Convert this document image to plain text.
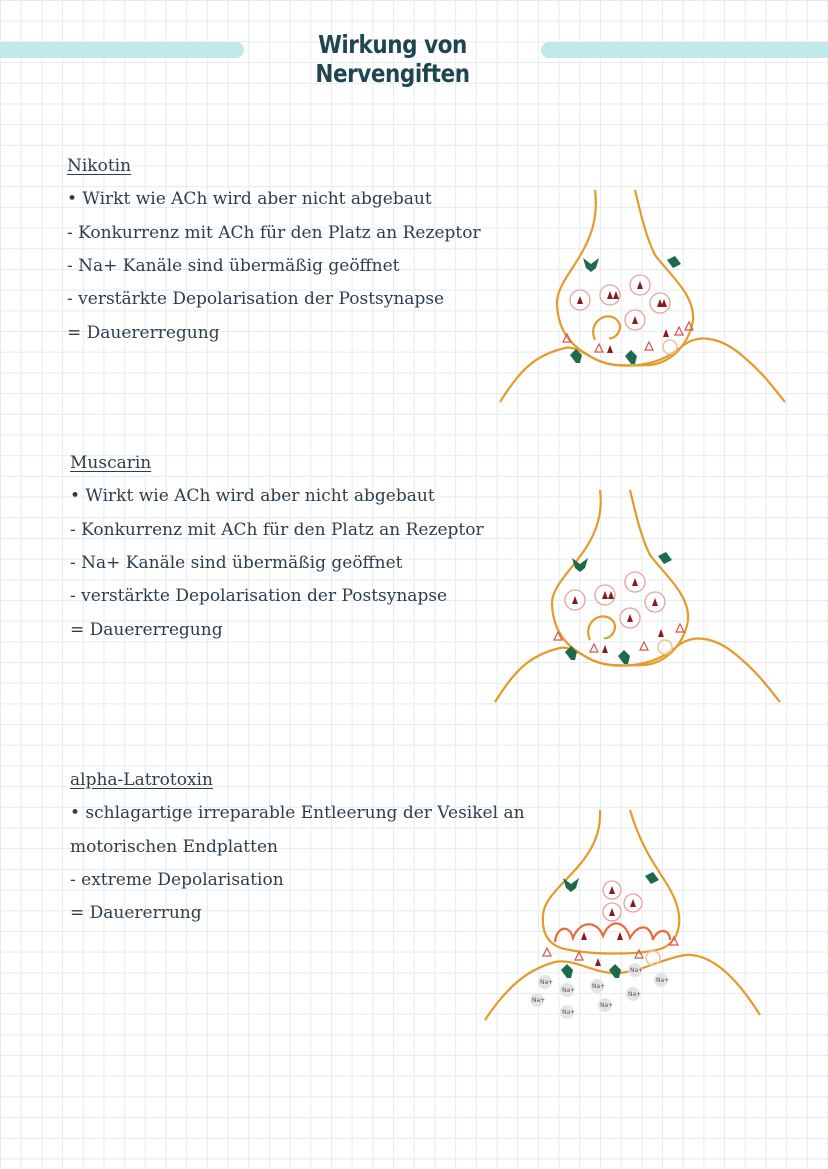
Wirkung von Nervengiften
Nikotin
• Wirkt wie ACh wird aber nicht abgebaut
- Konkurrenz mit ACh für den Platz an Rezeptor
- Na+ Kanäle sind übermäßig geöffnet
- verstärkte Depolarisation der Postsynapse
= Dauererregung
Muscarin
• Wirkt wie ACh wird aber nicht abgebaut
- Konkurrenz mit ACh für den Platz an Rezeptor
- Na+ Kanäle sind übermäßig geöffnet
- verstärkte Depolarisation der Postsynapse
= Dauererregung
alpha-Latrotoxin
• schlagartige irreparable Entleerung der Vesikel an
motorischen Endplatten
- extreme Depolarisation
= Dauererrung
Na+
Na+
Na+
Na+
Na+
Na+
Na+
Na+
Na+
